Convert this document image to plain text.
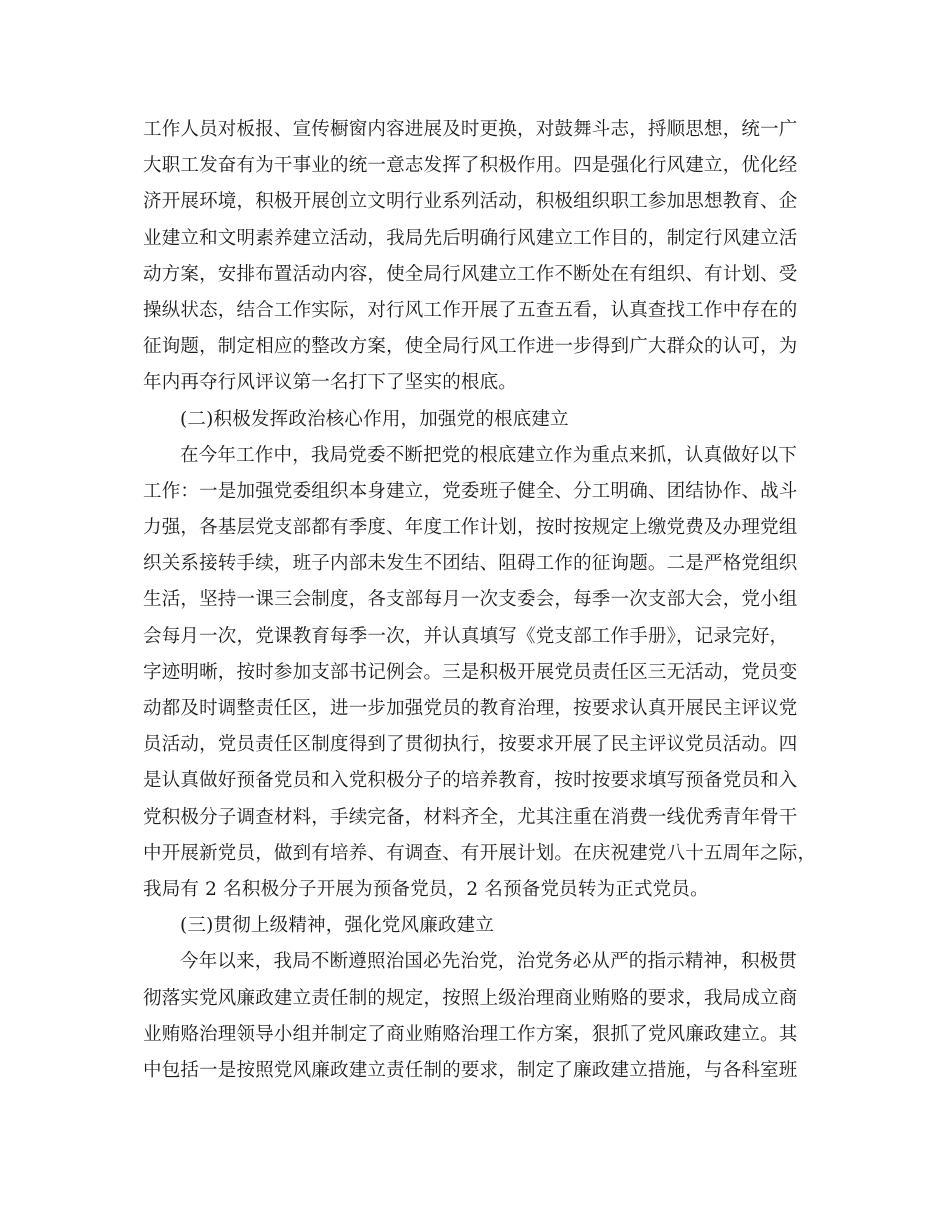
工作人员对板报、宣传橱窗内容进展及时更换，对鼓舞斗志，捋顺思想，统一广
大职工发奋有为干事业的统一意志发挥了积极作用。四是强化行风建立，优化经
济开展环境，积极开展创立文明行业系列活动，积极组织职工参加思想教育、企
业建立和文明素养建立活动，我局先后明确行风建立工作目的，制定行风建立活
动方案，安排布置活动内容，使全局行风建立工作不断处在有组织、有计划、受
操纵状态，结合工作实际，对行风工作开展了五查五看，认真查找工作中存在的
征询题，制定相应的整改方案，使全局行风工作进一步得到广大群众的认可，为
年内再夺行风评议第一名打下了坚实的根底。
(二)积极发挥政治核心作用，加强党的根底建立
在今年工作中，我局党委不断把党的根底建立作为重点来抓，认真做好以下
工作：一是加强党委组织本身建立，党委班子健全、分工明确、团结协作、战斗
力强，各基层党支部都有季度、年度工作计划，按时按规定上缴党费及办理党组
织关系接转手续，班子内部未发生不团结、阻碍工作的征询题。二是严格党组织
生活，坚持一课三会制度，各支部每月一次支委会，每季一次支部大会，党小组
会每月一次，党课教育每季一次，并认真填写《党支部工作手册》，记录完好，
字迹明晰，按时参加支部书记例会。三是积极开展党员责任区三无活动，党员变
动都及时调整责任区，进一步加强党员的教育治理，按要求认真开展民主评议党
员活动，党员责任区制度得到了贯彻执行，按要求开展了民主评议党员活动。四
是认真做好预备党员和入党积极分子的培养教育，按时按要求填写预备党员和入
党积极分子调查材料，手续完备，材料齐全，尤其注重在消费一线优秀青年骨干
中开展新党员，做到有培养、有调查、有开展计划。在庆祝建党八十五周年之际，
我局有 2 名积极分子开展为预备党员，2 名预备党员转为正式党员。
(三)贯彻上级精神，强化党风廉政建立
今年以来，我局不断遵照治国必先治党，治党务必从严的指示精神，积极贯
彻落实党风廉政建立责任制的规定，按照上级治理商业贿赂的要求，我局成立商
业贿赂治理领导小组并制定了商业贿赂治理工作方案，狠抓了党风廉政建立。其
中包括一是按照党风廉政建立责任制的要求，制定了廉政建立措施，与各科室班
